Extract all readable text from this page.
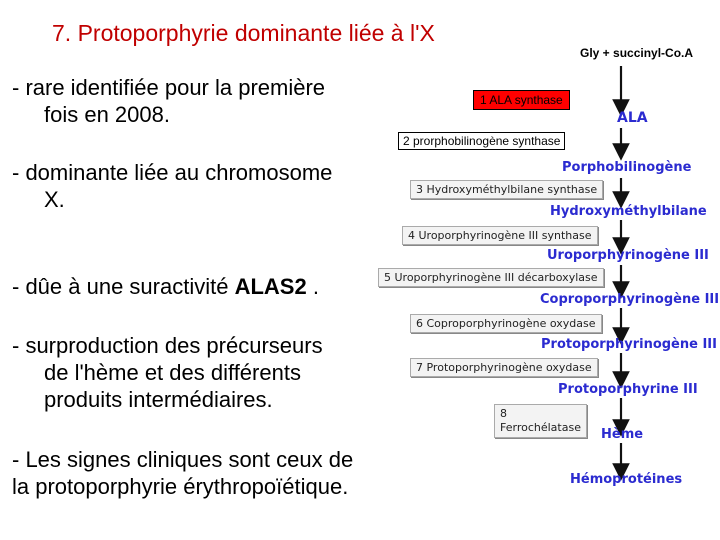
7. Protoporphyrie dominante liée à l'X
- rare identifiée pour la première
fois en 2008.
- dominante liée au chromosome
X.
- dûe à une suractivité ALAS2 .
- surproduction des précurseurs
de l'hème et des différents
produits intermédiaires.
- Les signes cliniques sont ceux de
la protoporphyrie érythropoïétique.
Gly + succinyl-Co.A
1 ALA synthase
ALA
2 prorphobilinogène synthase
Porphobilinogène
3 Hydroxyméthylbilane synthase
Hydroxyméthylbilane
4 Uroporphyrinogène III synthase
Uroporphyrinogène III
5 Uroporphyrinogène III décarboxylase
Coproporphyrinogène III
6 Coproporphyrinogène oxydase
Protoporphyrinogène III
7 Protoporphyrinogène oxydase
Protoporphyrine III
8
Ferrochélatase	Hème
Hémoprotéines
